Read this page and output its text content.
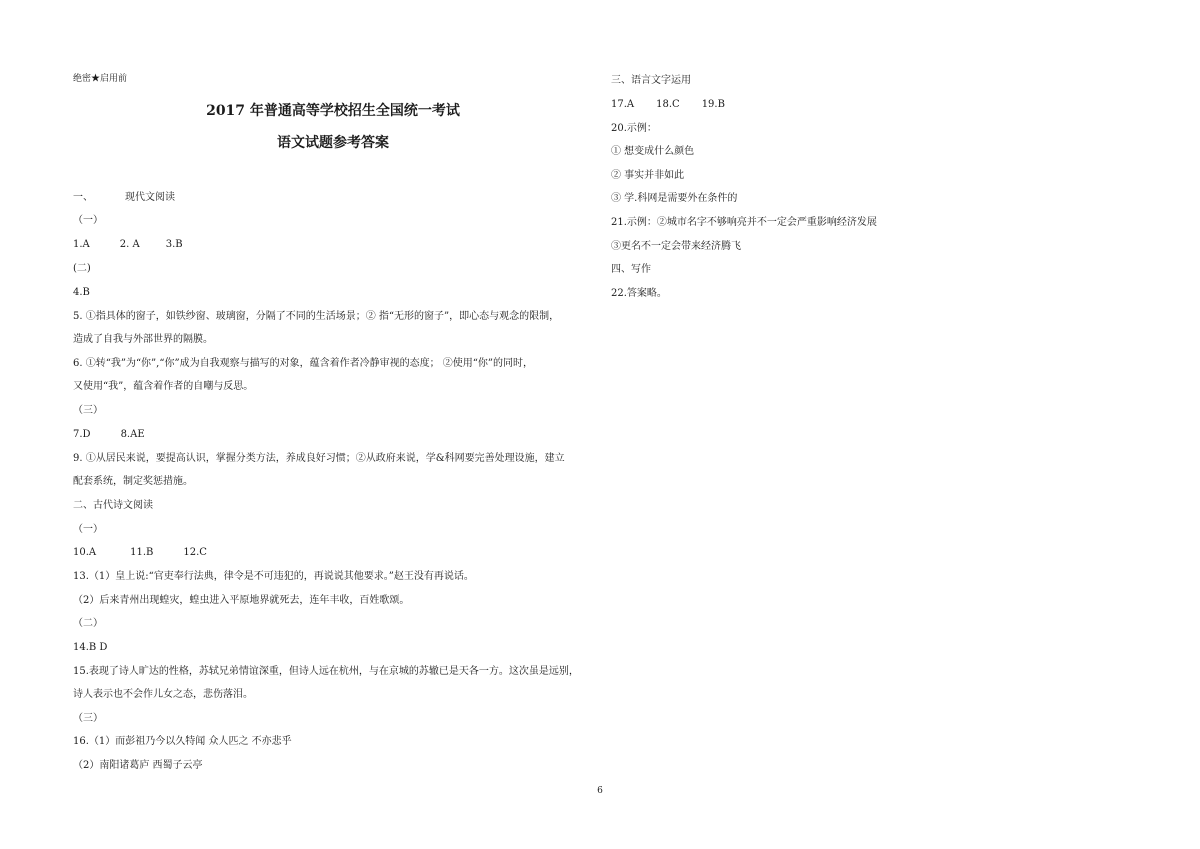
绝密★启用前
2017 年普通高等学校招生全国统一考试
语文试题参考答案
一、	现代文阅读
（一）
1.A	2. A	3.B
(二)
4.B
5. ①指具体的窗子，如铁纱窗、玻璃窗，分隔了不同的生活场景；② 指“无形的窗子”，即心态与观念的限制，
造成了自我与外部世界的隔膜。
6. ①转“我”为“你”,“你”成为自我观察与描写的对象，蕴含着作者冷静审视的态度； ②使用“你”的同时，
又使用“我”，蕴含着作者的自嘲与反思。
（三）
7.D	8.AE
9. ①从居民来说，要提高认识，掌握分类方法，养成良好习惯；②从政府来说，学&科网要完善处理设施，建立
配套系统，制定奖惩措施。
二、古代诗文阅读
（一）
10.A	11.B	12.C
13.（1）皇上说:“官吏奉行法典，律令是不可违犯的，再说说其他要求。”赵王没有再说话。
（2）后来青州出现蝗灾，蝗虫进入平原地界就死去，连年丰收，百姓歌颂。
（二）
14.B D
15.表现了诗人旷达的性格，苏轼兄弟情谊深重，但诗人远在杭州，与在京城的苏辙已是天各一方。这次虽是远别，
诗人表示也不会作儿女之态，悲伤落泪。
（三）
16.（1）而彭祖乃今以久特闻 众人匹之 不亦悲乎
（2）南阳诸葛庐 西蜀子云亭
三、语言文字运用
17.A 18.C 19.B
20.示例：
① 想变成什么颜色
② 事实并非如此
③ 学.科网是需要外在条件的
21.示例：②城市名字不够响亮并不一定会严重影响经济发展
③更名不一定会带来经济腾飞
四、写作
22.答案略。
6
